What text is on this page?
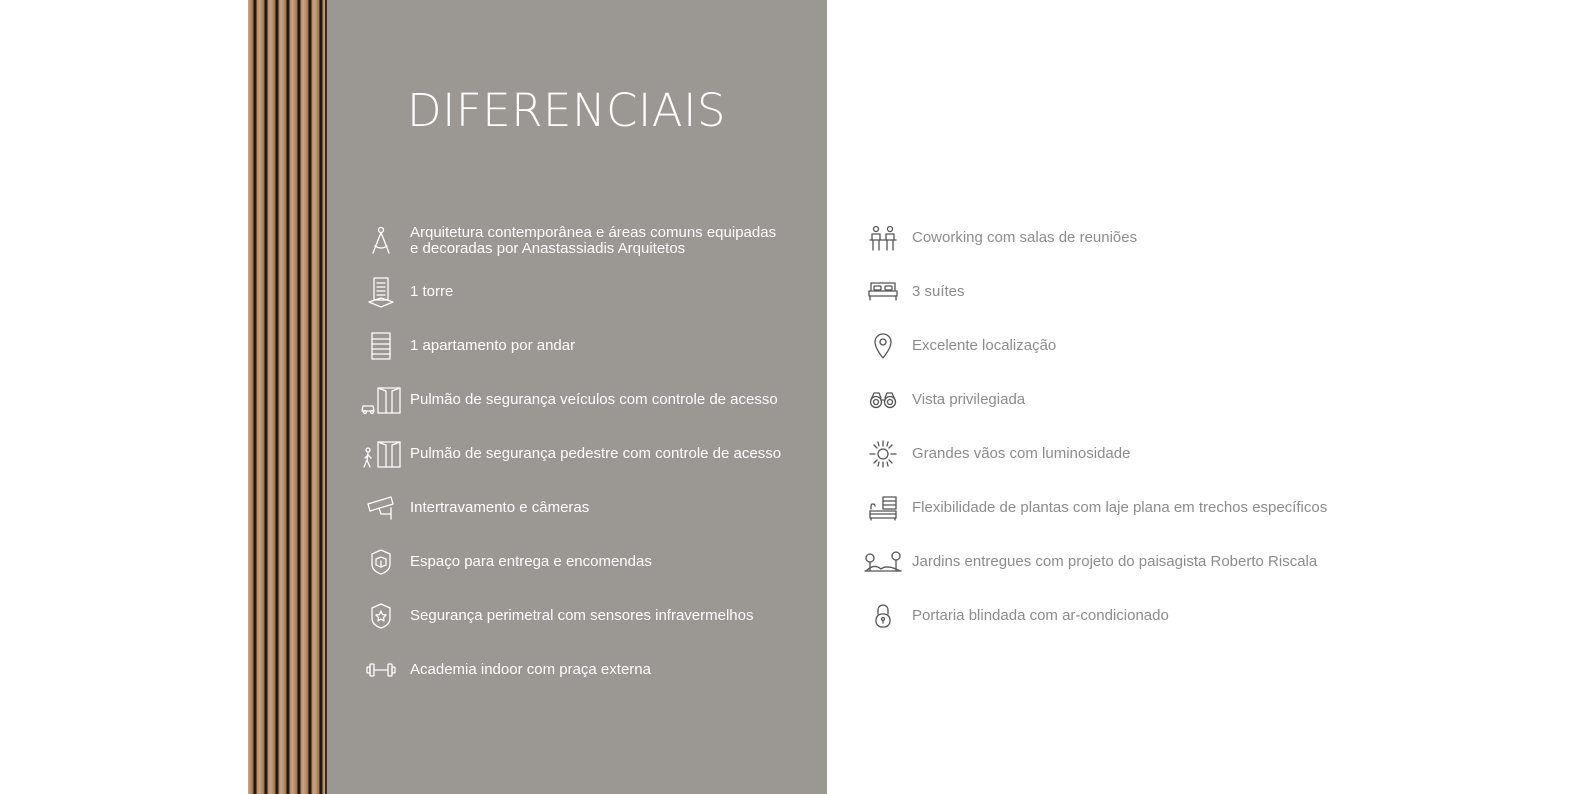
DIFERENCIAIS
Arquitetura contemporânea e áreas comuns equipadas
e decoradas por Anastassiadis Arquitetos
1 torre
1 apartamento por andar
Pulmão de segurança veículos com controle de acesso
Pulmão de segurança pedestre com controle de acesso
Intertravamento e câmeras
Espaço para entrega e encomendas
Segurança perimetral com sensores infravermelhos
Academia indoor com praça externa
Coworking com salas de reuniões
3 suítes
Excelente localização
Vista privilegiada
Grandes vãos com luminosidade
Flexibilidade de plantas com laje plana em trechos específicos
Jardins entregues com projeto do paisagista Roberto Riscala
Portaria blindada com ar-condicionado
